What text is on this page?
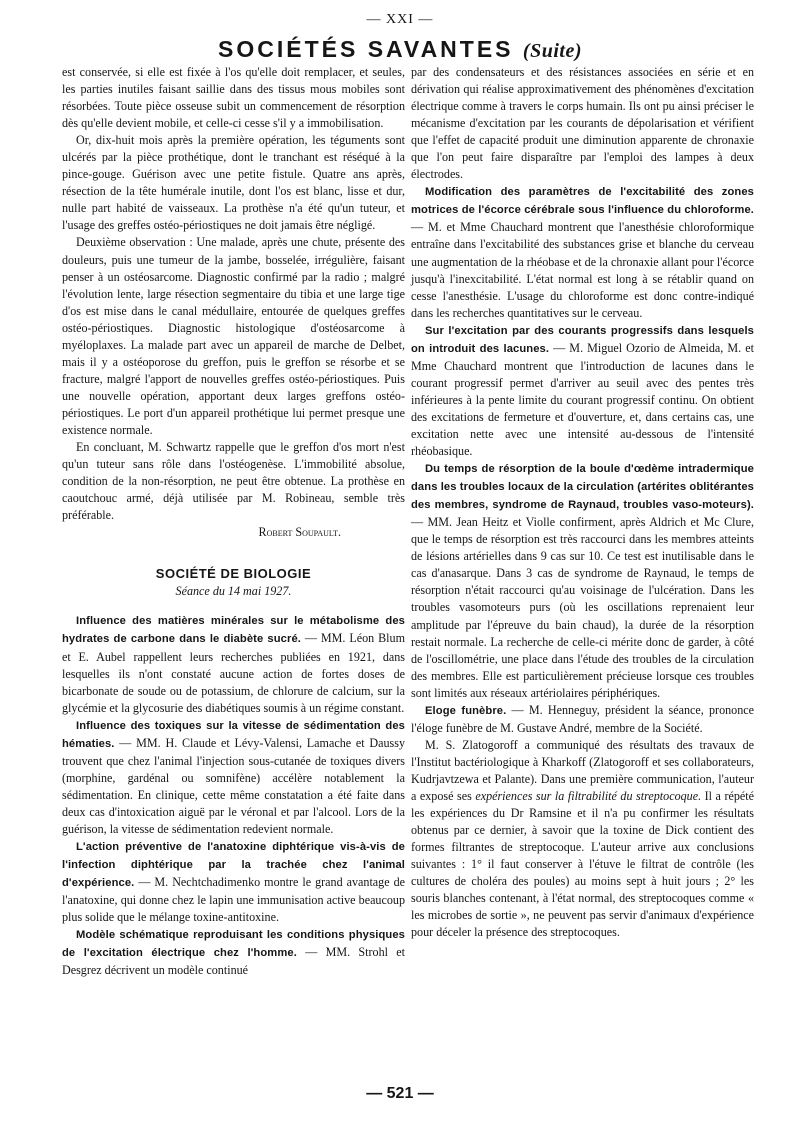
— XXI —
SOCIÉTÉS SAVANTES (Suite)

est conservée, si elle est fixée à l'os qu'elle doit remplacer, et seules, les parties inutiles faisant saillie dans des tissus mous mobiles sont résorbées. Toute pièce osseuse subit un commencement de résorption dès qu'elle devient mobile, et celle-ci cesse s'il y a immobilisation.

Or, dix-huit mois après la première opération, les téguments sont ulcérés par la pièce prothétique, dont le tranchant est réséqué à la pince-gouge. Guérison avec une petite fistule. Quatre ans après, résection de la tête humérale inutile, dont l'os est blanc, lisse et dur, nulle part habité de vaisseaux. La prothèse n'a été qu'un tuteur, et l'usage des greffes ostéo-périostiques ne doit jamais être négligé.

Deuxième observation : Une malade, après une chute, présente des douleurs, puis une tumeur de la jambe, bosselée, irrégulière, faisant penser à un ostéosarcome. Diagnostic confirmé par la radio ; malgré l'évolution lente, large résection segmentaire du tibia et une large tige d'os est mise dans le canal médullaire, entourée de quelques greffes ostéo-périostiques. Diagnostic histologique d'ostéosarcome à myéloplaxes. La malade part avec un appareil de marche de Delbet, mais il y a ostéoporose du greffon, puis le greffon se résorbe et se fracture, malgré l'apport de nouvelles greffes ostéo-périostiques. Puis une nouvelle opération, apportant deux larges greffons ostéo-périostiques. Le port d'un appareil prothétique lui permet presque une existence normale.

En concluant, M. Schwartz rappelle que le greffon d'os mort n'est qu'un tuteur sans rôle dans l'ostéogenèse. L'immobilité absolue, condition de la non-résorption, ne peut être obtenue. La prothèse en caoutchouc armé, déjà utilisée par M. Robineau, semble très préférable.

Robert Soupault.

SOCIÉTÉ DE BIOLOGIE
Séance du 14 mai 1927.

Influence des matières minérales sur le métabolisme des hydrates de carbone dans le diabète sucré. — MM. Léon Blum et E. Aubel rappellent leurs recherches publiées en 1921, dans lesquelles ils n'ont constaté aucune action de fortes doses de bicarbonate de soude ou de potassium, de chlorure de calcium, sur la glycémie et la glycosurie des diabétiques soumis à un régime constant.

Influence des toxiques sur la vitesse de sédimentation des hématies. — MM. H. Claude et Lévy-Valensi, Lamache et Daussy trouvent que chez l'animal l'injection sous-cutanée de toxiques divers (morphine, gardénal ou somnifène) accélère notablement la sédimentation. En clinique, cette même constatation a été faite dans deux cas d'intoxication aiguë par le véronal et par l'alcool. Lors de la guérison, la vitesse de sédimentation redevient normale.

L'action préventive de l'anatoxine diphtérique vis-à-vis de l'infection diphtérique par la trachée chez l'animal d'expérience. — M. Nechtchadimenko montre le grand avantage de l'anatoxine, qui donne chez le lapin une immunisation active beaucoup plus solide que le mélange toxine-antitoxine.

Modèle schématique reproduisant les conditions physiques de l'excitation électrique chez l'homme. — MM. Strohl et Desgrez décrivent un modèle continué

par des condensateurs et des résistances associées en série et en dérivation qui réalise approximativement des phénomènes d'excitation électrique comme à travers le corps humain. Ils ont pu ainsi préciser le mécanisme d'excitation par les courants de dépolarisation et vérifient que l'effet de capacité produit une diminution apparente de chronaxie que l'on peut faire disparaître par l'emploi des lampes à deux électrodes.

Modification des paramètres de l'excitabilité des zones motrices de l'écorce cérébrale sous l'influence du chloroforme. — M. et Mme Chauchard montrent que l'anesthésie chloroformique entraîne dans l'excitabilité des substances grise et blanche du cerveau une augmentation de la rhéobase et de la chronaxie allant pour l'écorce jusqu'à l'inexcitabilité. L'état normal est long à se rétablir quand on cesse l'anesthésie. L'usage du chloroforme est donc contre-indiqué dans les recherches quantitatives sur le cerveau.

Sur l'excitation par des courants progressifs dans lesquels on introduit des lacunes. — M. Miguel Ozorio de Almeida, M. et Mme Chauchard montrent que l'introduction de lacunes dans le courant progressif permet d'arriver au seuil avec des pentes très inférieures à la pente limite du courant progressif continu. On obtient des excitations de fermeture et d'ouverture, et, dans certains cas, une excitation nette avec une intensité au-dessous de l'intensité rhéobasique.

Du temps de résorption de la boule d'œdème intradermique dans les troubles locaux de la circulation (artérites oblitérantes des membres, syndrome de Raynaud, troubles vaso-moteurs). — MM. Jean Heitz et Violle confirment, après Aldrich et Mc Clure, que le temps de résorption est très raccourci dans les membres atteints de lésions artérielles dans 9 cas sur 10. Ce test est inutilisable dans le cas d'anasarque. Dans 3 cas de syndrome de Raynaud, le temps de résorption n'était raccourci qu'au voisinage de l'ulcération. Dans les troubles vasomoteurs purs (où les oscillations reprenaient leur amplitude par l'épreuve du bain chaud), la durée de la résorption restait normale. La recherche de celle-ci mérite donc de garder, à côté de l'oscillométrie, une place dans l'étude des troubles de la circulation des membres. Elle est particulièrement précieuse lorsque ces troubles sont limités aux réseaux artériolaires périphériques.

Eloge funèbre. — M. Henneguy, président la séance, prononce l'éloge funèbre de M. Gustave André, membre de la Société.

M. S. Zlatogoroff a communiqué des résultats des travaux de l'Institut bactériologique à Kharkoff (Zlatogoroff et ses collaborateurs, Kudrjavtzewa et Palante). Dans une première communication, l'auteur a exposé ses expériences sur la filtrabilité du streptocoque. Il a répété les expériences du Dr Ramsine et il n'a pu confirmer les résultats obtenus par ce dernier, à savoir que la toxine de Dick contient des formes filtrantes de streptocoque. L'auteur arrive aux conclusions suivantes : 1° il faut conserver à l'étuve le filtrat de contrôle (les cultures de choléra des poules) au moins sept à huit jours ; 2° les souris blanches contenant, à l'état normal, des streptocoques comme « les microbes de sortie », ne peuvent pas servir d'animaux d'expérience pour déceler la présence des streptocoques.

— 521 —
